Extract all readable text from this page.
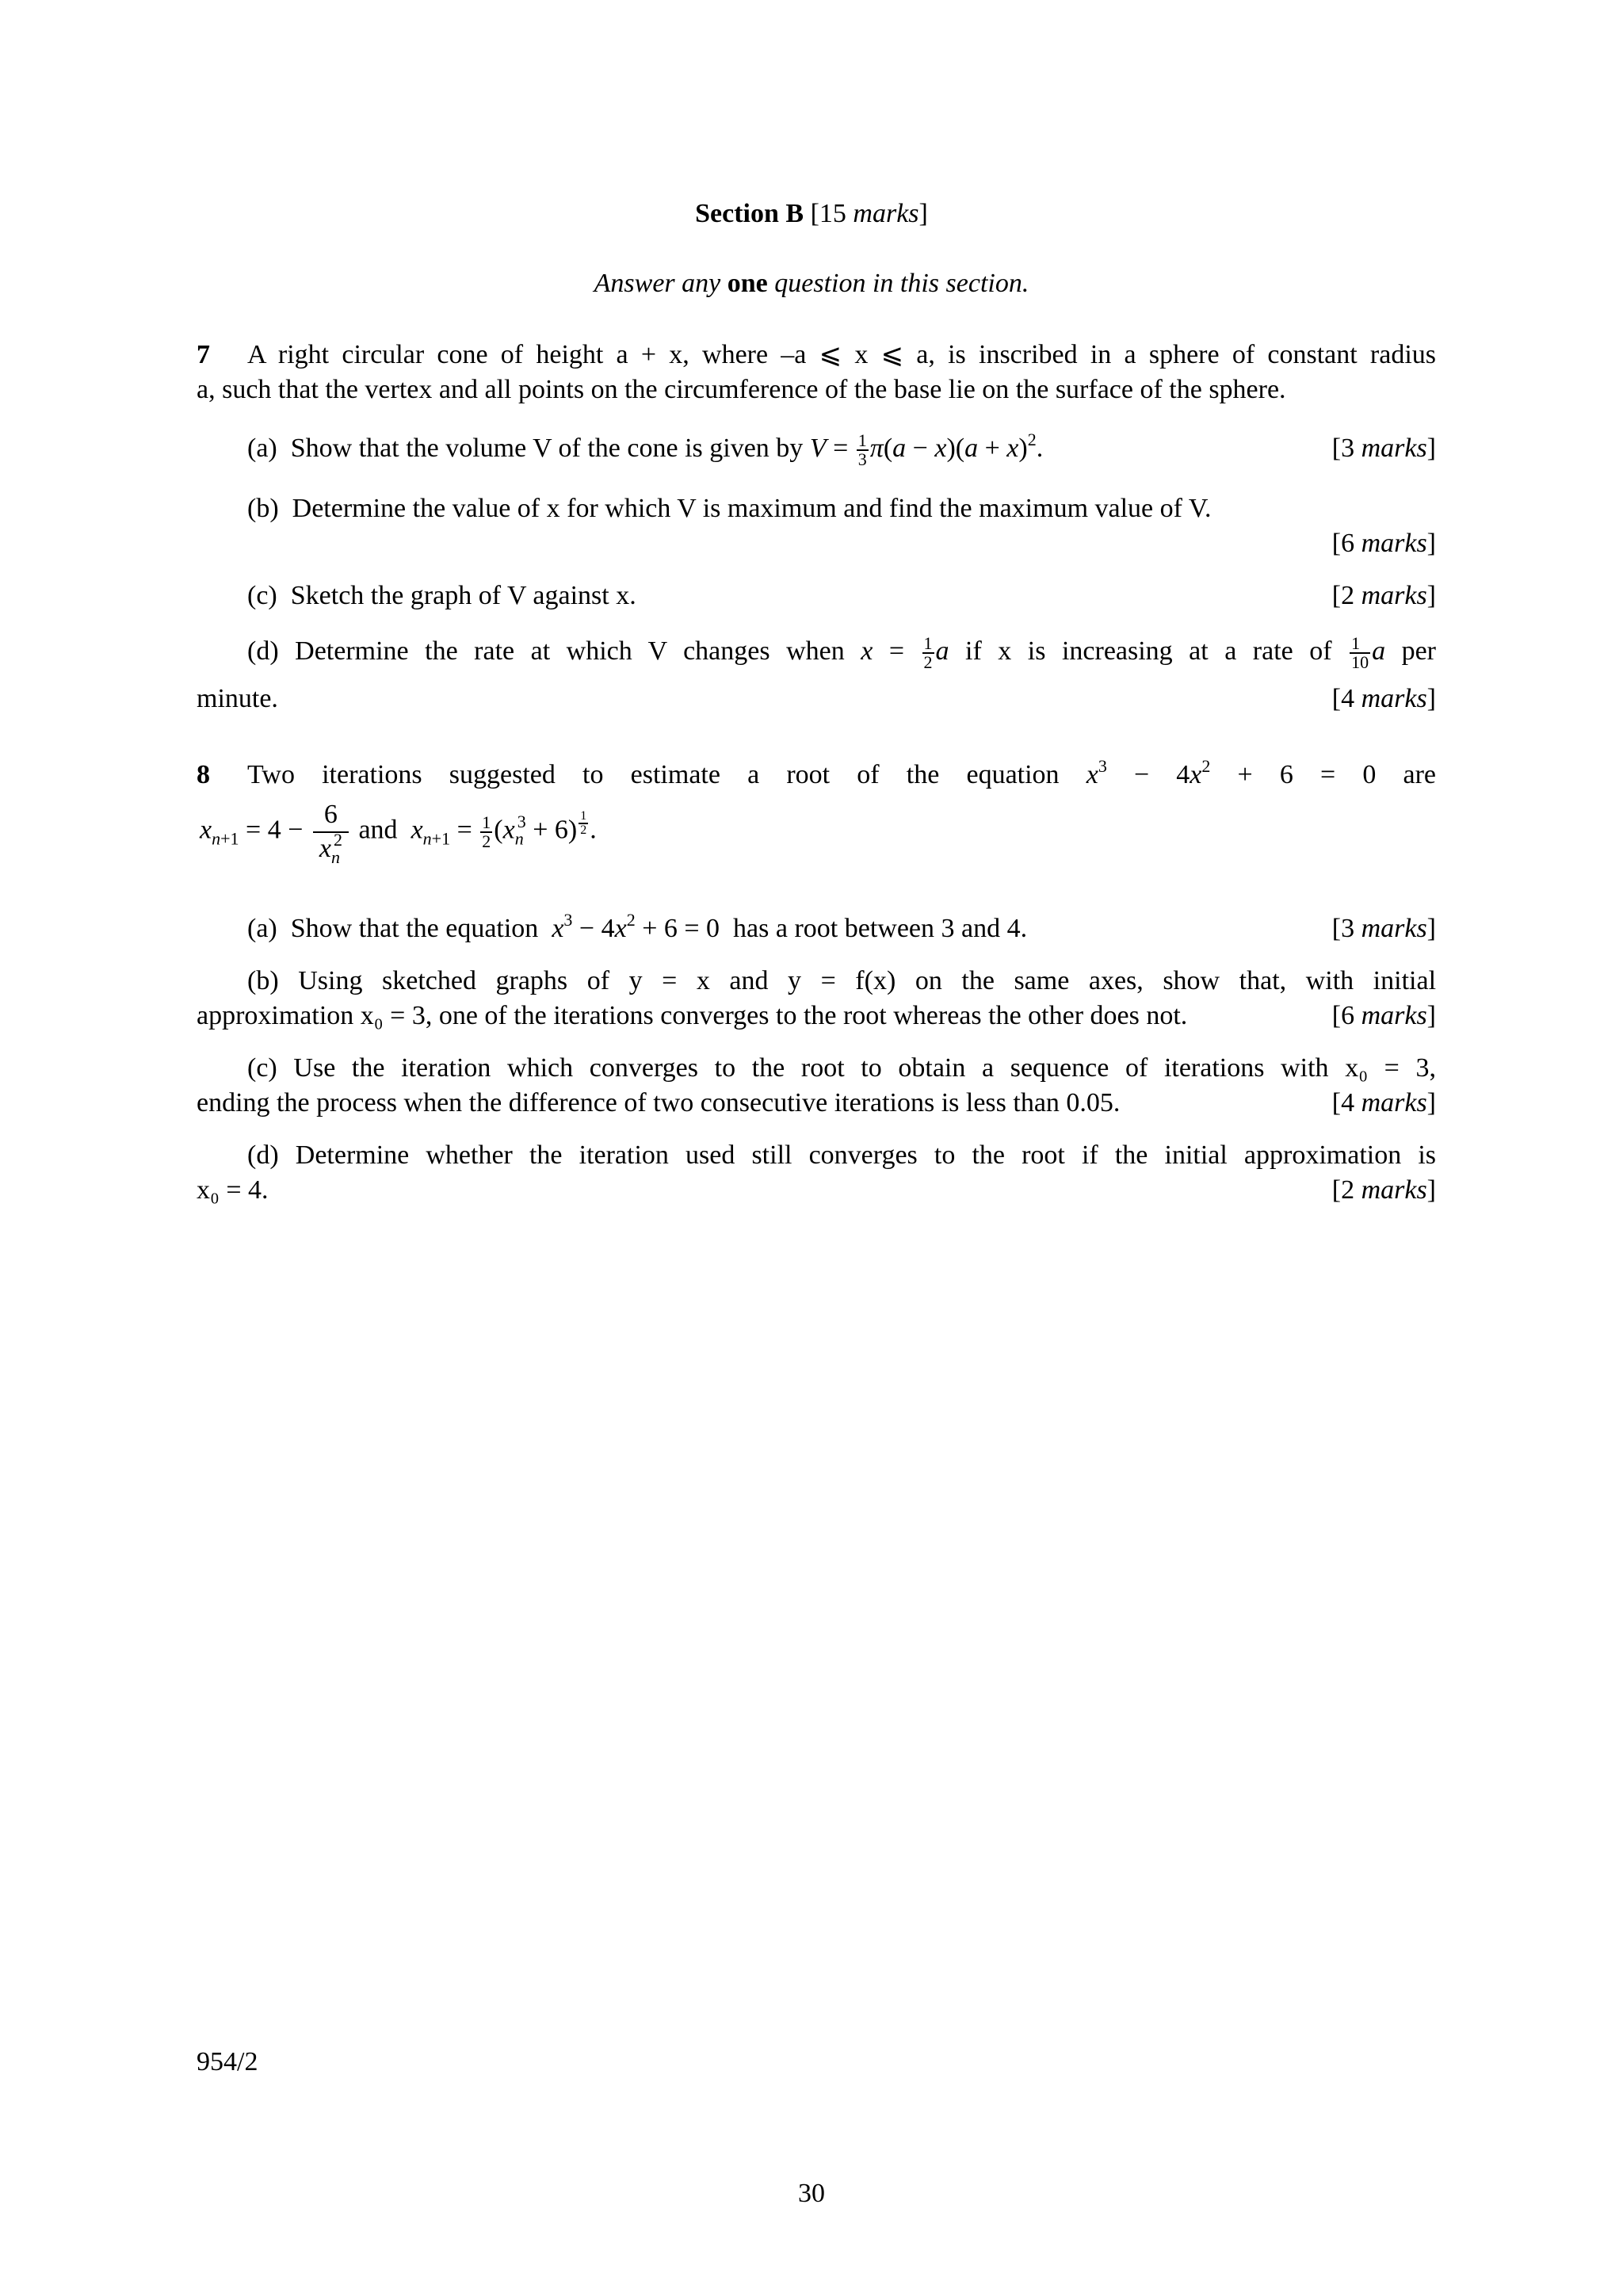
Section B [15 marks]
Answer any one question in this section.
7 A right circular cone of height a + x, where –a ⩽ x ⩽ a, is inscribed in a sphere of constant radius
a, such that the vertex and all points on the circumference of the base lie on the surface of the sphere.
(a) Show that the volume V of the cone is given by $V = \frac{1}{3} \pi(a - x)(a + x)^2$.	[3 marks]
(b) Determine the value of x for which V is maximum and find the maximum value of V.
[6 marks]
(c) Sketch the graph of V against x.	[2 marks]
(d) Determine the rate at which V changes when $x = \frac{1}{2}$ a if x is increasing at a rate of $\frac{1}{10}$ a per
minute.	[4 marks]
8 Two iterations suggested to estimate a root of the equation $x^3 - 4x^2 + 6 = 0$ are
$x_{n+1} = 4 - \frac{6}{x_n^2}$ and $x_{n+1} = \frac{1}{2} (x_n^3 + 6)$ $^{\frac{1}{2}}$ .
(a) Show that the equation $x^3 - 4x^2 + 6 = 0$  has a root between 3 and 4.	[3 marks]
(b) Using sketched graphs of y = x and y = f(x) on the same axes, show that, with initial
approximation x₀ = 3, one of the iterations converges to the root whereas the other does not.	[6 marks]
(c) Use the iteration which converges to the root to obtain a sequence of iterations with x₀ = 3,
ending the process when the difference of two consecutive iterations is less than 0.05.	[4 marks]
(d) Determine whether the iteration used still converges to the root if the initial approximation is
x₀ = 4.	[2 marks]
954/2
30
